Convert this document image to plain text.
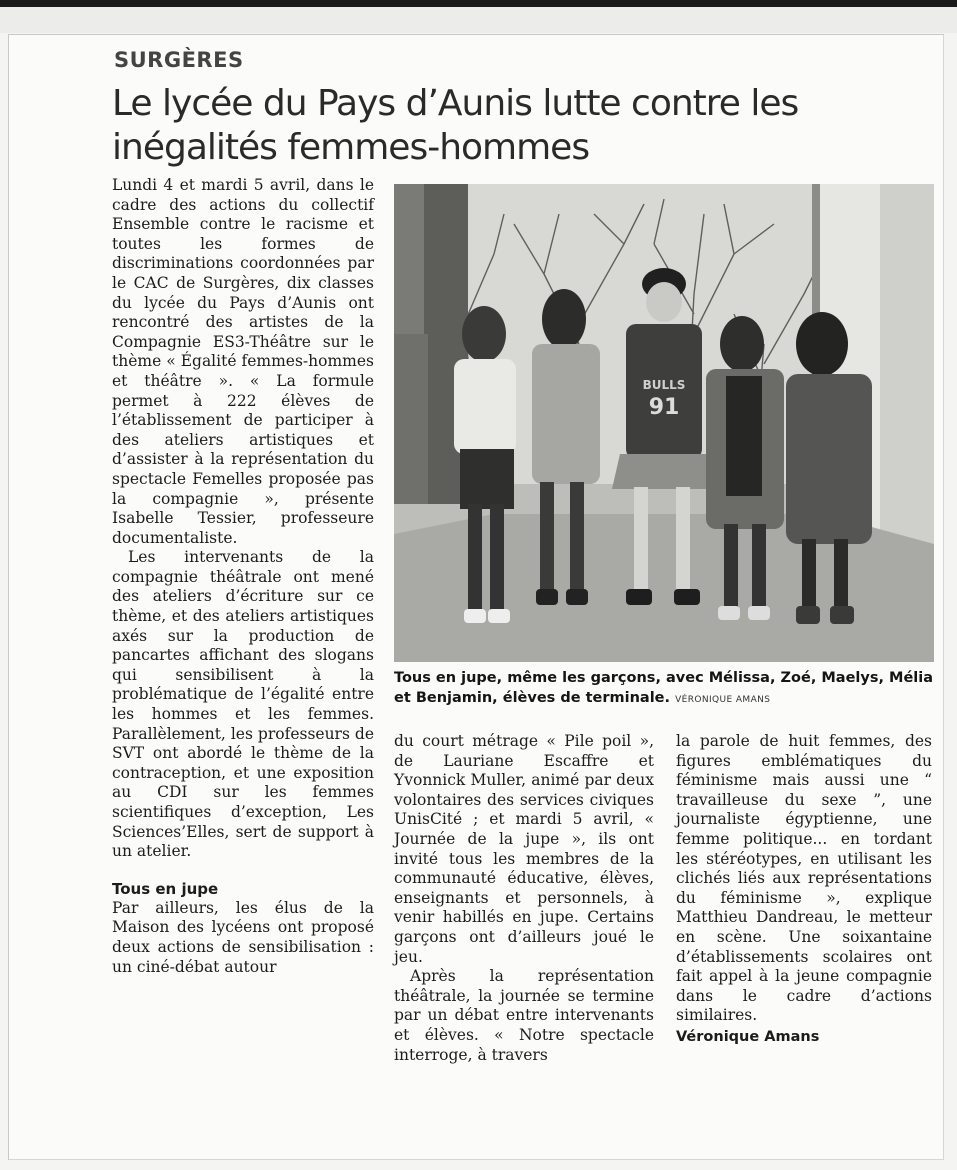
SURGÈRES
Le lycée du Pays d’Aunis lutte contre les inégalités femmes-hommes

Lundi 4 et mardi 5 avril, dans le cadre des actions du collectif Ensemble contre le racisme et toutes les formes de discriminations coordonnées par le CAC de Surgères, dix classes du lycée du Pays d’Aunis ont rencontré des artistes de la Compagnie ES3-Théâtre sur le thème « Égalité femmes-hommes et théâtre ». « La formule permet à 222 élèves de l’établissement de participer à des ateliers artistiques et d’assister à la représentation du spectacle Femelles proposée pas la compagnie », présente Isabelle Tessier, professeure documentaliste.

Les intervenants de la compagnie théâtrale ont mené des ateliers d’écriture sur ce thème, et des ateliers artistiques axés sur la production de pancartes affichant des slogans qui sensibilisent à la problématique de l’égalité entre les hommes et les femmes. Parallèlement, les professeurs de SVT ont abordé le thème de la contraception, et une exposition au CDI sur les femmes scientifiques d’exception, Les Sciences’Elles, sert de support à un atelier.

Tous en jupe

Par ailleurs, les élus de la Maison des lycéens ont proposé deux actions de sensibilisation : un ciné-débat autour

BULLS
91
Tous en jupe, même les garçons, avec Mélissa, Zoé, Maelys, Mélia et Benjamin, élèves de terminale. VÉRONIQUE AMANS

du court métrage « Pile poil », de Lauriane Escaffre et Yvonnick Muller, animé par deux volontaires des services civiques UnisCité ; et mardi 5 avril, « Journée de la jupe », ils ont invité tous les membres de la communauté éducative, élèves, enseignants et personnels, à venir habillés en jupe. Certains garçons ont d’ailleurs joué le jeu.

Après la représentation théâtrale, la journée se termine par un débat entre intervenants et élèves. « Notre spectacle interroge, à travers

la parole de huit femmes, des figures emblématiques du féminisme mais aussi une “ travailleuse du sexe ”, une journaliste égyptienne, une femme politique... en tordant les stéréotypes, en utilisant les clichés liés aux représentations du féminisme », explique Matthieu Dandreau, le metteur en scène. Une soixantaine d’établissements scolaires ont fait appel à la jeune compagnie dans le cadre d’actions similaires.

Véronique Amans
